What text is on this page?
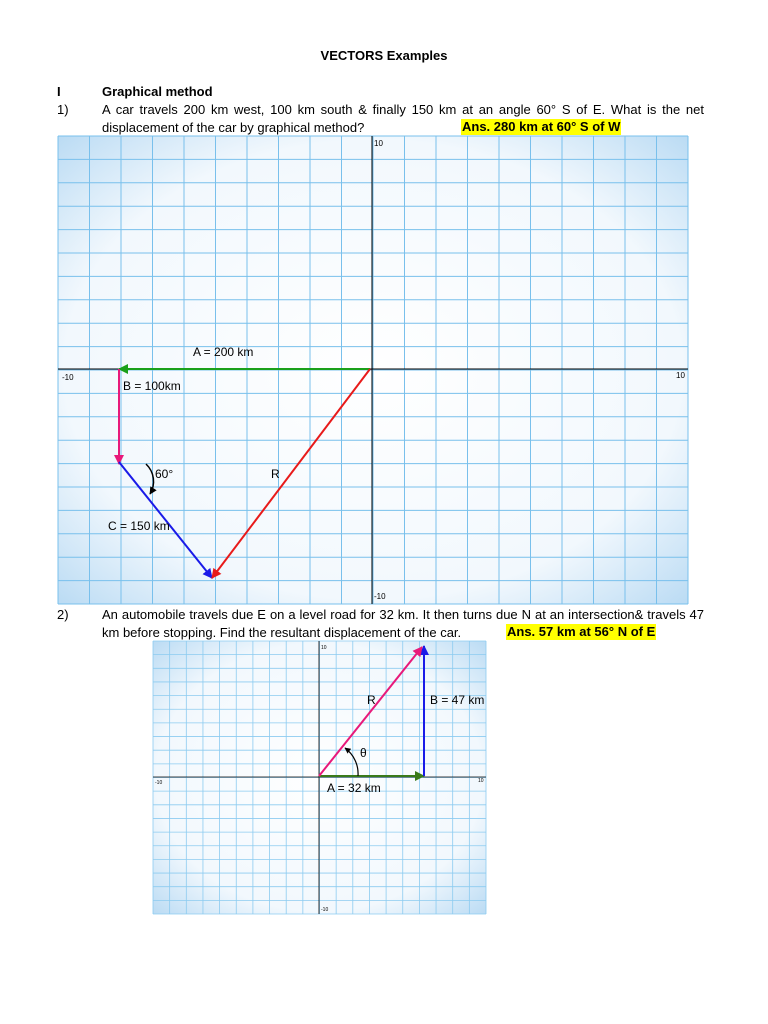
VECTORS Examples
I	Graphical method
1)	A car travels 200 km west, 100 km south & finally 150 km at an angle 60° S of E. What is the net
displacement of the car by graphical method?	Ans. 280 km at 60° S of W
2)	An automobile travels due E on a level road for 32 km. It then turns due N at an intersection& travels 47
km before stopping. Find the resultant displacement of the car.	Ans. 57 km at 56° N of E
10
-10	10
-10
A = 200 km
B = 100km
60°	R
C = 150 km
10
-10	10
-10
R	B = 47 km
θ
A = 32 km
